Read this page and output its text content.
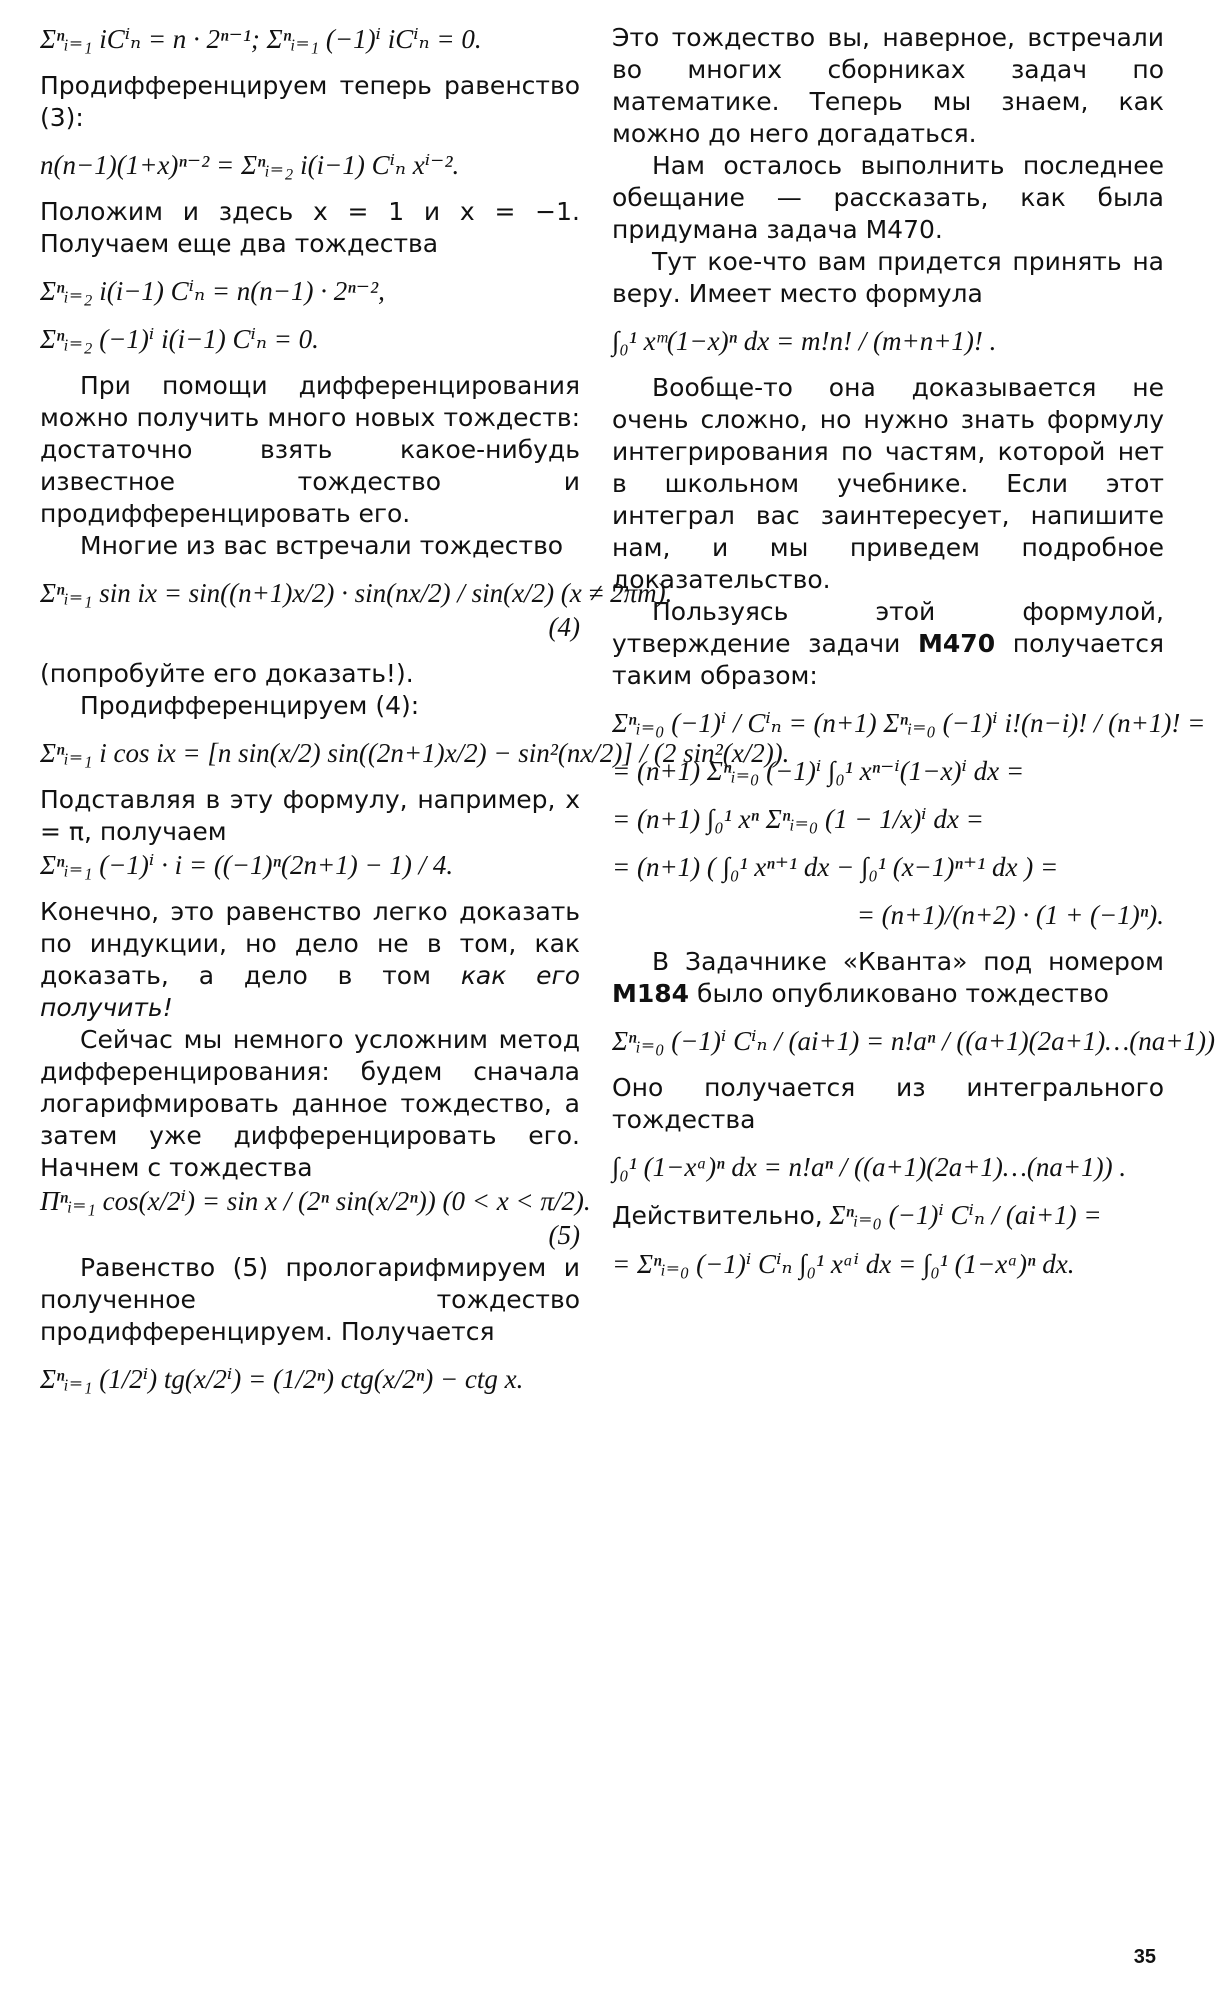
Σⁿᵢ₌₁ iCⁱₙ = n · 2ⁿ⁻¹; Σⁿᵢ₌₁ (−1)ⁱ iCⁱₙ = 0.

Продифференцируем теперь равенство (3):

n(n−1)(1+x)ⁿ⁻² = Σⁿᵢ₌₂ i(i−1) Cⁱₙ xⁱ⁻².

Положим и здесь x = 1 и x = −1. Получаем еще два тождества

Σⁿᵢ₌₂ i(i−1) Cⁱₙ = n(n−1) · 2ⁿ⁻²,
Σⁿᵢ₌₂ (−1)ⁱ i(i−1) Cⁱₙ = 0.

При помощи дифференцирования можно получить много новых тождеств: достаточно взять какое-нибудь известное тождество и продифференцировать его.

Многие из вас встречали тождество

Σⁿᵢ₌₁ sin ix = sin((n+1)x/2) · sin(nx/2) / sin(x/2) (x ≠ 2πm).
(4)

(попробуйте его доказать!).

Продифференцируем (4):

Σⁿᵢ₌₁ i cos ix = [n sin(x/2) sin((2n+1)x/2) − sin²(nx/2)] / (2 sin²(x/2)).

Подставляя в эту формулу, например, x = π, получаем

Σⁿᵢ₌₁ (−1)ⁱ · i = ((−1)ⁿ(2n+1) − 1) / 4.

Конечно, это равенство легко доказать по индукции, но дело не в том, как доказать, а дело в том как его получить!

Сейчас мы немного усложним метод дифференцирования: будем сначала логарифмировать данное тождество, а затем уже дифференцировать его. Начнем с тождества

Πⁿᵢ₌₁ cos(x/2ⁱ) = sin x / (2ⁿ sin(x/2ⁿ)) (0 < x < π/2).
(5)

Равенство (5) прологарифмируем и полученное тождество продифференцируем. Получается

Σⁿᵢ₌₁ (1/2ⁱ) tg(x/2ⁱ) = (1/2ⁿ) ctg(x/2ⁿ) − ctg x.

Это тождество вы, наверное, встречали во многих сборниках задач по математике. Теперь мы знаем, как можно до него догадаться.

Нам осталось выполнить последнее обещание — рассказать, как была придумана задача М470.

Тут кое-что вам придется принять на веру. Имеет место формула

∫₀¹ xᵐ(1−x)ⁿ dx = m!n! / (m+n+1)! .

Вообще-то она доказывается не очень сложно, но нужно знать формулу интегрирования по частям, которой нет в школьном учебнике. Если этот интеграл вас заинтересует, напишите нам, и мы приведем подробное доказательство.

Пользуясь этой формулой, утверждение задачи М470 получается таким образом:

Σⁿᵢ₌₀ (−1)ⁱ / Cⁱₙ = (n+1) Σⁿᵢ₌₀ (−1)ⁱ i!(n−i)! / (n+1)! =
= (n+1) Σⁿᵢ₌₀ (−1)ⁱ ∫₀¹ xⁿ⁻ⁱ(1−x)ⁱ dx =
= (n+1) ∫₀¹ xⁿ Σⁿᵢ₌₀ (1 − 1/x)ⁱ dx =
= (n+1) ( ∫₀¹ xⁿ⁺¹ dx − ∫₀¹ (x−1)ⁿ⁺¹ dx ) =
= (n+1)/(n+2) · (1 + (−1)ⁿ).

В Задачнике «Кванта» под номером М184 было опубликовано тождество

Σⁿᵢ₌₀ (−1)ⁱ Cⁱₙ / (ai+1) = n!aⁿ / ((a+1)(2a+1)…(na+1))

Оно получается из интегрального тождества

∫₀¹ (1−xᵃ)ⁿ dx = n!aⁿ / ((a+1)(2a+1)…(na+1)) .
Действительно, Σⁿᵢ₌₀ (−1)ⁱ Cⁱₙ / (ai+1) =
= Σⁿᵢ₌₀ (−1)ⁱ Cⁱₙ ∫₀¹ xᵃⁱ dx = ∫₀¹ (1−xᵃ)ⁿ dx.
35
